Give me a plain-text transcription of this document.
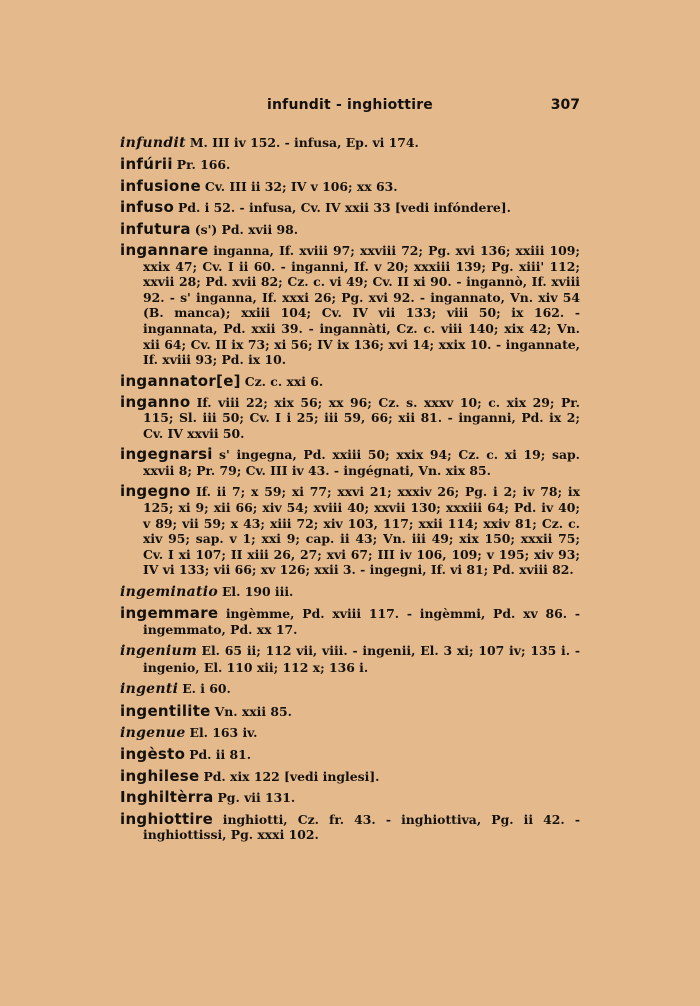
infundit - inghiottire	307
infundit M. III iv 152. - infusa, Ep. vi 174.
infúrii Pr. 166.
infusione Cv. III ii 32; IV v 106; xx 63.
infuso Pd. i 52. - infusa, Cv. IV xxii 33 [vedi infóndere].
infutura (s') Pd. xvii 98.
ingannare inganna, If. xviii 97; xxviii 72; Pg. xvi 136; xxiii 109; xxix 47; Cv. I ii 60. - inganni, If. v 20; xxxiii 139; Pg. xiii' 112; xxvii 28; Pd. xvii 82; Cz. c. vi 49; Cv. II xi 90. - ingannò, If. xviii 92. - s' inganna, If. xxxi 26; Pg. xvi 92. - ingannato, Vn. xiv 54 (B. manca); xxiii 104; Cv. IV vii 133; viii 50; ix 162. - ingannata, Pd. xxii 39. - ingannàti, Cz. c. viii 140; xix 42; Vn. xii 64; Cv. II ix 73; xi 56; IV ix 136; xvi 14; xxix 10. - ingannate, If. xviii 93; Pd. ix 10.
ingannator[e] Cz. c. xxi 6.
inganno If. viii 22; xix 56; xx 96; Cz. s. xxxv 10; c. xix 29; Pr. 115; Sl. iii 50; Cv. I i 25; iii 59, 66; xii 81. - inganni, Pd. ix 2; Cv. IV xxvii 50.
ingegnarsi s' ingegna, Pd. xxiii 50; xxix 94; Cz. c. xi 19; sap. xxvii 8; Pr. 79; Cv. III iv 43. - ingégnati, Vn. xix 85.
ingegno If. ii 7; x 59; xi 77; xxvi 21; xxxiv 26; Pg. i 2; iv 78; ix 125; xi 9; xii 66; xiv 54; xviii 40; xxvii 130; xxxiii 64; Pd. iv 40; v 89; vii 59; x 43; xiii 72; xiv 103, 117; xxii 114; xxiv 81; Cz. c. xiv 95; sap. v 1; xxi 9; cap. ii 43; Vn. iii 49; xix 150; xxxii 75; Cv. I xi 107; II xiii 26, 27; xvi 67; III iv 106, 109; v 195; xiv 93; IV vi 133; vii 66; xv 126; xxii 3. - ingegni, If. vi 81; Pd. xviii 82.
ingeminatio El. 190 iii.
ingemmare ingèmme, Pd. xviii 117. - ingèmmi, Pd. xv 86. - ingemmato, Pd. xx 17.
ingenium El. 65 ii; 112 vii, viii. - ingenii, El. 3 xi; 107 iv; 135 i. - ingenio, El. 110 xii; 112 x; 136 i.
ingenti E. i 60.
ingentilite Vn. xxii 85.
ingenue El. 163 iv.
ingèsto Pd. ii 81.
inghilese Pd. xix 122 [vedi inglesi].
Inghiltèrra Pg. vii 131.
inghiottire inghiotti, Cz. fr. 43. - inghiottiva, Pg. ii 42. - inghiottissi, Pg. xxxi 102.
